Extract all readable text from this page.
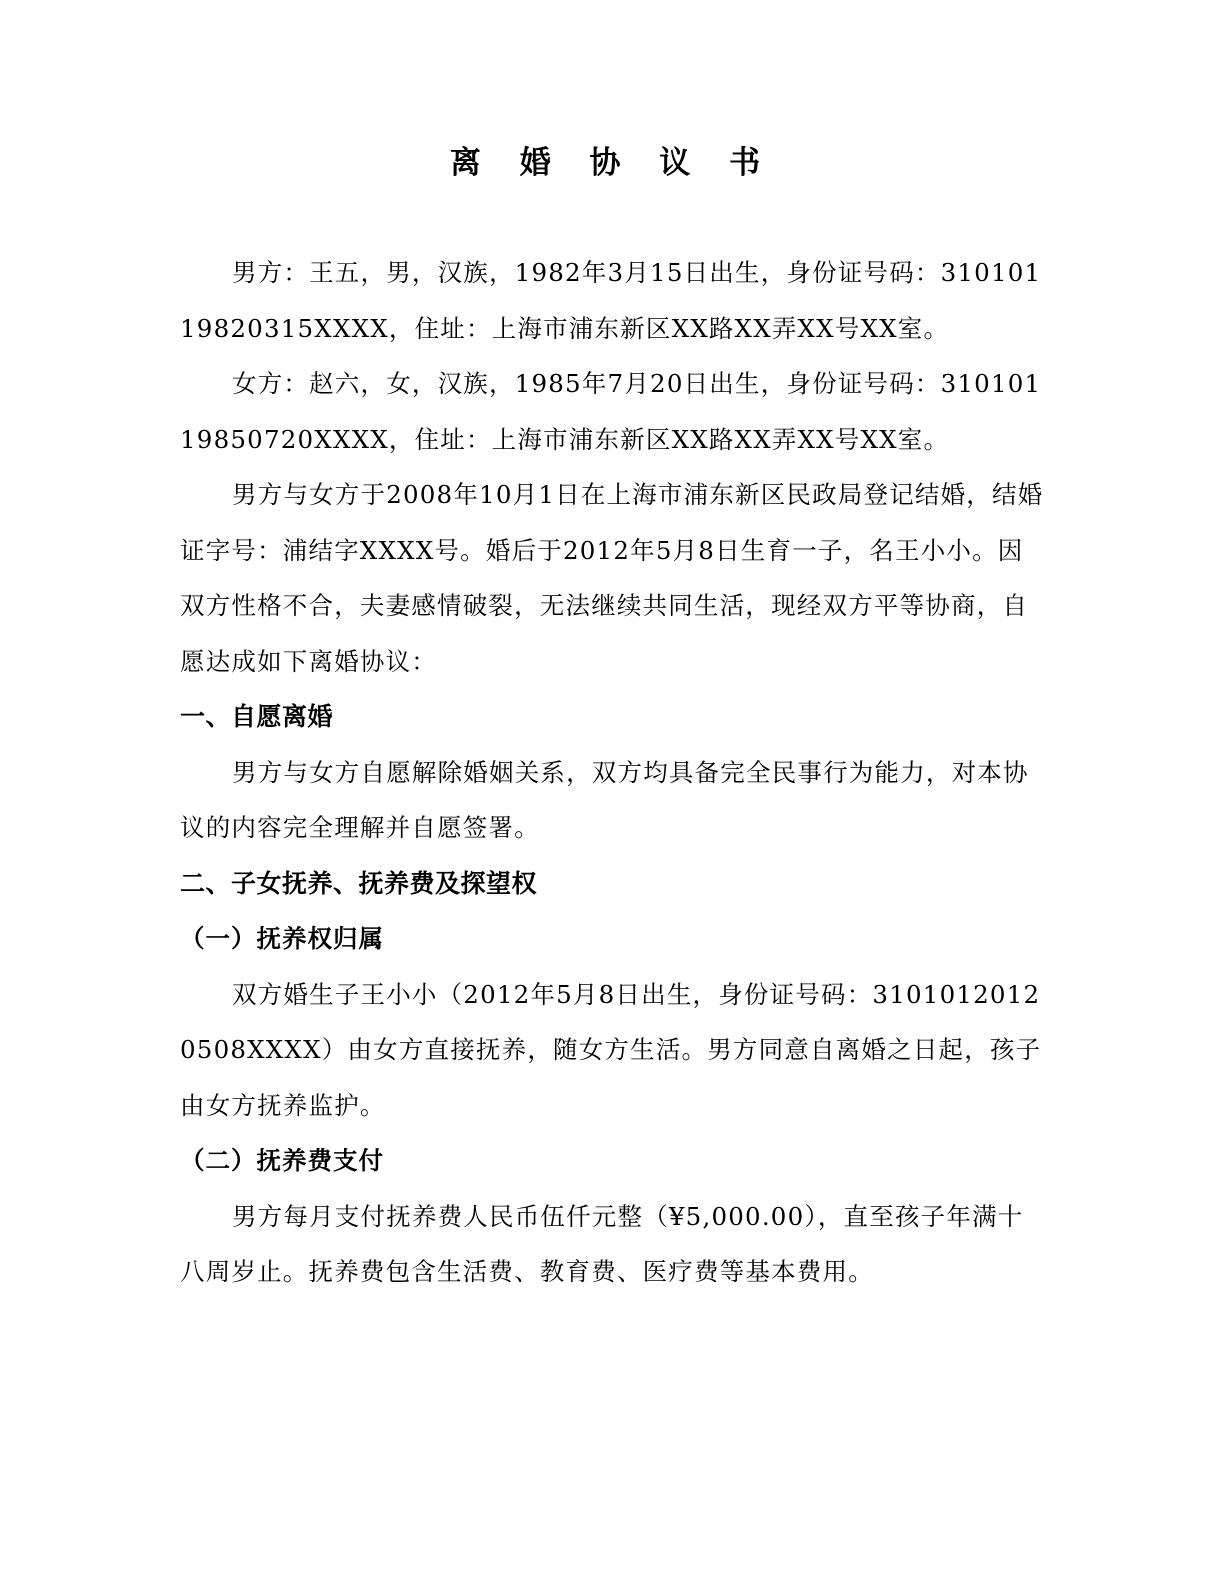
离 婚 协 议 书

男方：王五，男，汉族，1982年3月15日出生，身份证号码：31010119820315XXXX，住址：上海市浦东新区XX路XX弄XX号XX室。

女方：赵六，女，汉族，1985年7月20日出生，身份证号码：31010119850720XXXX，住址：上海市浦东新区XX路XX弄XX号XX室。

男方与女方于2008年10月1日在上海市浦东新区民政局登记结婚，结婚证字号：浦结字XXXX号。婚后于2012年5月8日生育一子，名王小小。因双方性格不合，夫妻感情破裂，无法继续共同生活，现经双方平等协商，自愿达成如下离婚协议：

一、自愿离婚

男方与女方自愿解除婚姻关系，双方均具备完全民事行为能力，对本协议的内容完全理解并自愿签署。

二、子女抚养、抚养费及探望权
（一）抚养权归属

双方婚生子王小小（2012年5月8日出生，身份证号码：31010120120508XXXX）由女方直接抚养，随女方生活。男方同意自离婚之日起，孩子由女方抚养监护。

（二）抚养费支付

男方每月支付抚养费人民币伍仟元整（¥5,000.00），直至孩子年满十八周岁止。抚养费包含生活费、教育费、医疗费等基本费用。
